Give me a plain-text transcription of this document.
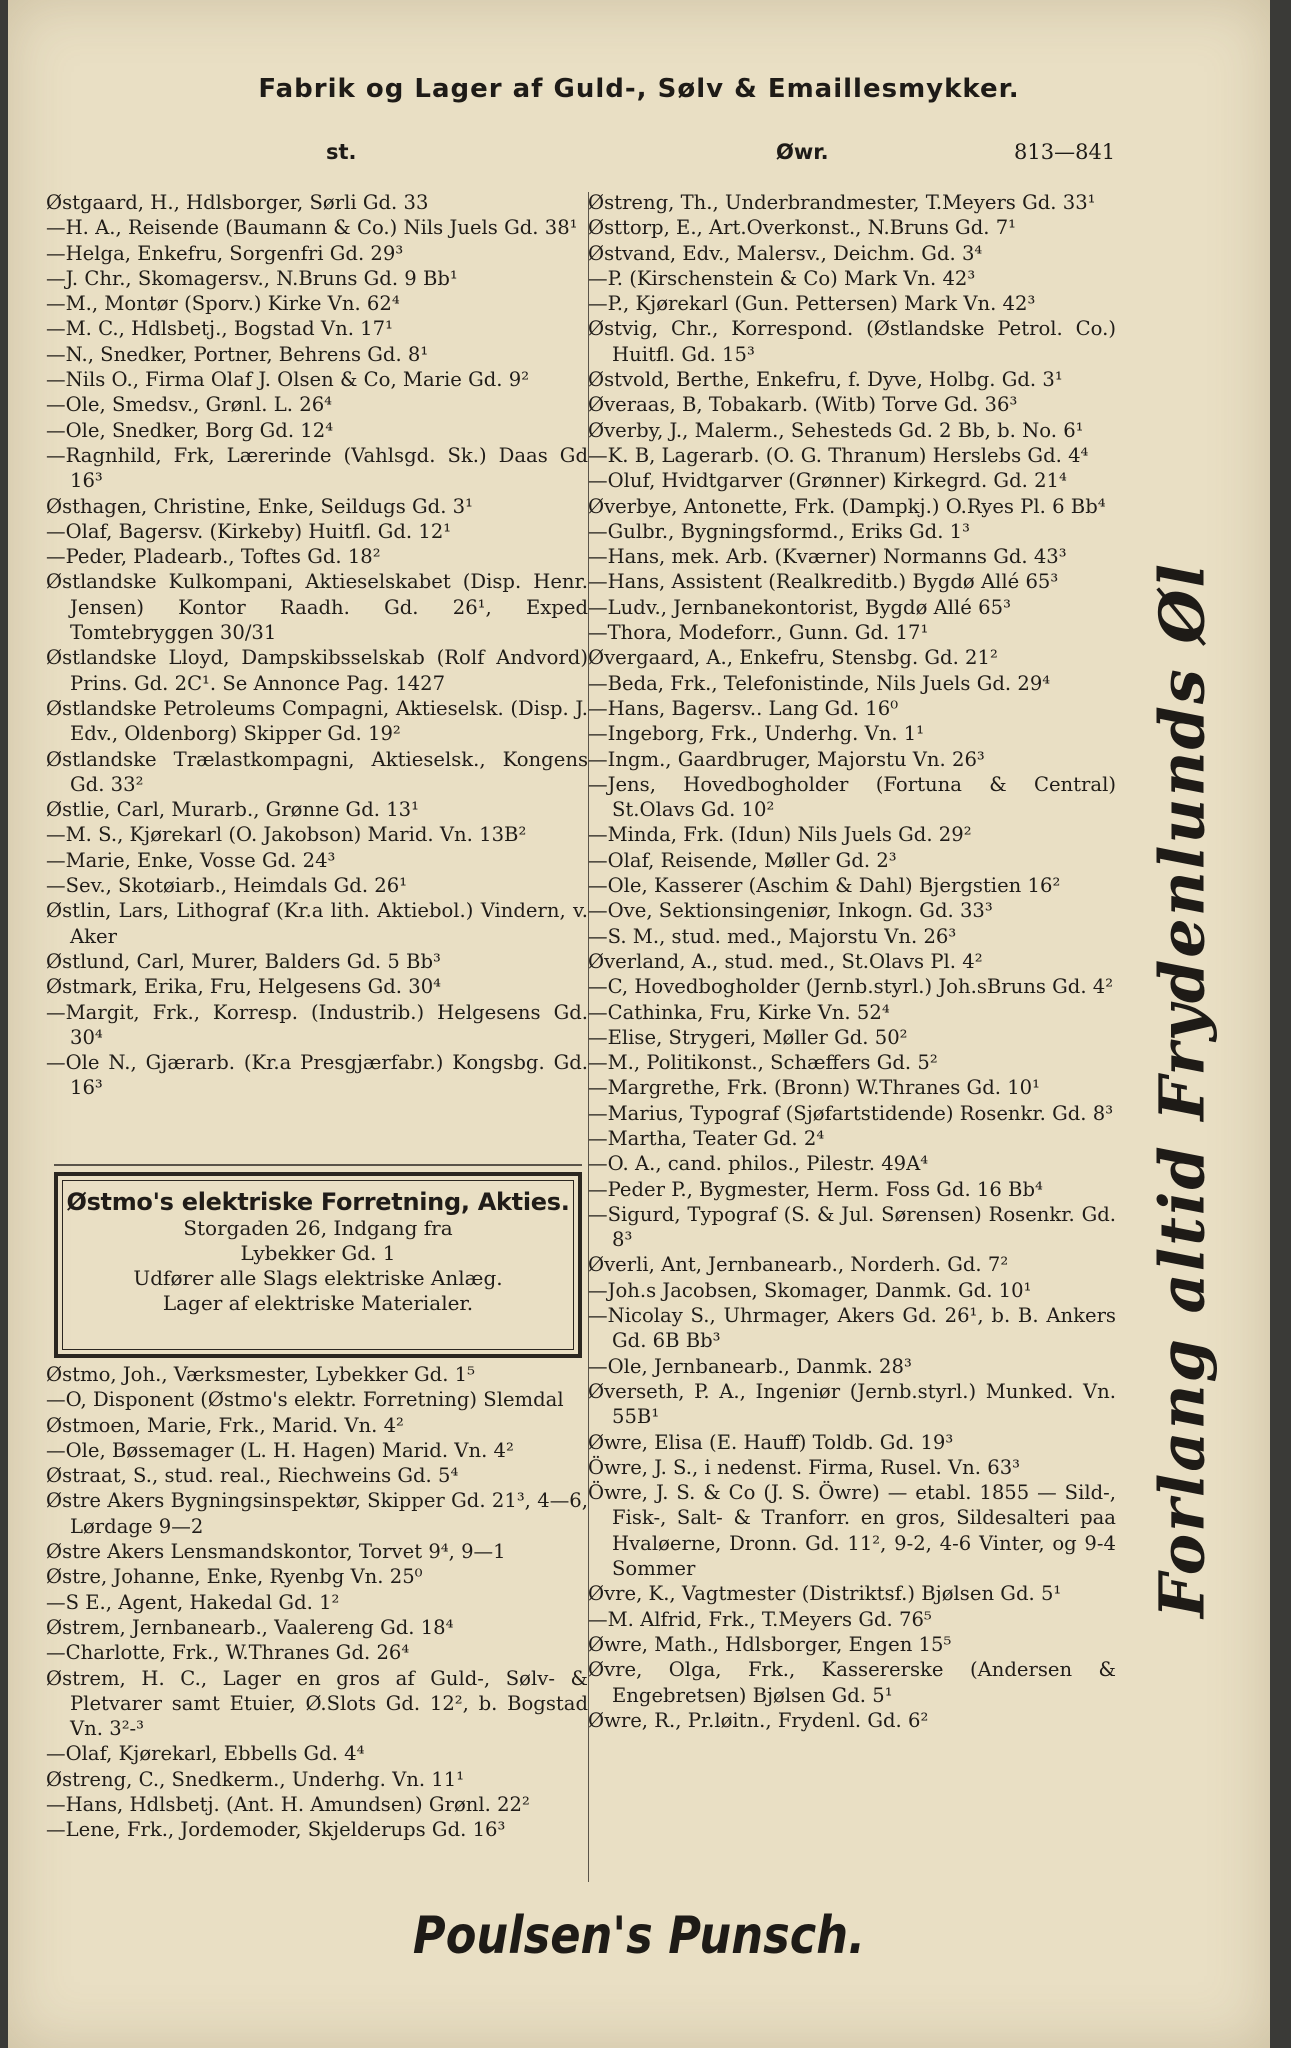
Fabrik og Lager af Guld-, Sølv & Emaillesmykker.
st.	Øwr.	813—841
Østgaard, H., Hdlsborger, Sørli Gd. 33
—H. A., Reisende (Baumann & Co.) Nils Juels Gd. 38¹
—Helga, Enkefru, Sorgenfri Gd. 29³
—J. Chr., Skomagersv., N.Bruns Gd. 9 Bb¹
—M., Montør (Sporv.) Kirke Vn. 62⁴
—M. C., Hdlsbetj., Bogstad Vn. 17¹
—N., Snedker, Portner, Behrens Gd. 8¹
—Nils O., Firma Olaf J. Olsen & Co, Marie Gd. 9²
—Ole, Smedsv., Grønl. L. 26⁴
—Ole, Snedker, Borg Gd. 12⁴
—Ragnhild, Frk, Lærerinde (Vahlsgd. Sk.) Daas Gd 16³
Østhagen, Christine, Enke, Seildugs Gd. 3¹
—Olaf, Bagersv. (Kirkeby) Huitfl. Gd. 12¹
—Peder, Pladearb., Toftes Gd. 18²
Østlandske Kulkompani, Aktieselskabet (Disp. Henr. Jensen) Kontor Raadh. Gd. 26¹, Exped Tomtebryggen 30/31
Østlandske Lloyd, Dampskibsselskab (Rolf Andvord) Prins. Gd. 2C¹. Se Annonce Pag. 1427
Østlandske Petroleums Compagni, Aktieselsk. (Disp. J. Edv., Oldenborg) Skipper Gd. 19²
Østlandske Trælastkompagni, Aktieselsk., Kongens Gd. 33²
Østlie, Carl, Murarb., Grønne Gd. 13¹
—M. S., Kjørekarl (O. Jakobson) Marid. Vn. 13B²
—Marie, Enke, Vosse Gd. 24³
—Sev., Skotøiarb., Heimdals Gd. 26¹
Østlin, Lars, Lithograf (Kr.a lith. Aktiebol.) Vindern, v. Aker
Østlund, Carl, Murer, Balders Gd. 5 Bb³
Østmark, Erika, Fru, Helgesens Gd. 30⁴
—Margit, Frk., Korresp. (Industrib.) Helgesens Gd. 30⁴
—Ole N., Gjærarb. (Kr.a Presgjærfabr.) Kongsbg. Gd. 16³
Østmo's elektriske Forretning, Akties.
Storgaden 26, Indgang fra
Lybekker Gd. 1
Udfører alle Slags elektriske Anlæg.
Lager af elektriske Materialer.
Østmo, Joh., Værksmester, Lybekker Gd. 1⁵
—O, Disponent (Østmo's elektr. Forretning) Slemdal
Østmoen, Marie, Frk., Marid. Vn. 4²
—Ole, Bøssemager (L. H. Hagen) Marid. Vn. 4²
Østraat, S., stud. real., Riechweins Gd. 5⁴
Østre Akers Bygningsinspektør, Skipper Gd. 21³, 4—6, Lørdage 9—2
Østre Akers Lensmandskontor, Torvet 9⁴, 9—1
Østre, Johanne, Enke, Ryenbg Vn. 25⁰
—S E., Agent, Hakedal Gd. 1²
Østrem, Jernbanearb., Vaalereng Gd. 18⁴
—Charlotte, Frk., W.Thranes Gd. 26⁴
Østrem, H. C., Lager en gros af Guld-, Sølv- & Pletvarer samt Etuier, Ø.Slots Gd. 12², b. Bogstad Vn. 3²-³
—Olaf, Kjørekarl, Ebbells Gd. 4⁴
Østreng, C., Snedkerm., Underhg. Vn. 11¹
—Hans, Hdlsbetj. (Ant. H. Amundsen) Grønl. 22²
—Lene, Frk., Jordemoder, Skjelderups Gd. 16³
Østreng, Th., Underbrandmester, T.Meyers Gd. 33¹
Østtorp, E., Art.Overkonst., N.Bruns Gd. 7¹
Østvand, Edv., Malersv., Deichm. Gd. 3⁴
—P. (Kirschenstein & Co) Mark Vn. 42³
—P., Kjørekarl (Gun. Pettersen) Mark Vn. 42³
Østvig, Chr., Korrespond. (Østlandske Petrol. Co.) Huitfl. Gd. 15³
Østvold, Berthe, Enkefru, f. Dyve, Holbg. Gd. 3¹
Øveraas, B, Tobakarb. (Witb) Torve Gd. 36³
Øverby, J., Malerm., Sehesteds Gd. 2 Bb, b. No. 6¹
—K. B, Lagerarb. (O. G. Thranum) Herslebs Gd. 4⁴
—Oluf, Hvidtgarver (Grønner) Kirkegrd. Gd. 21⁴
Øverbye, Antonette, Frk. (Dampkj.) O.Ryes Pl. 6 Bb⁴
—Gulbr., Bygningsformd., Eriks Gd. 1³
—Hans, mek. Arb. (Kværner) Normanns Gd. 43³
—Hans, Assistent (Realkreditb.) Bygdø Allé 65³
—Ludv., Jernbanekontorist, Bygdø Allé 65³
—Thora, Modeforr., Gunn. Gd. 17¹
Øvergaard, A., Enkefru, Stensbg. Gd. 21²
—Beda, Frk., Telefonistinde, Nils Juels Gd. 29⁴
—Hans, Bagersv.. Lang Gd. 16⁰
—Ingeborg, Frk., Underhg. Vn. 1¹
—Ingm., Gaardbruger, Majorstu Vn. 26³
—Jens, Hovedbogholder (Fortuna & Central) St.Olavs Gd. 10²
—Minda, Frk. (Idun) Nils Juels Gd. 29²
—Olaf, Reisende, Møller Gd. 2³
—Ole, Kasserer (Aschim & Dahl) Bjergstien 16²
—Ove, Sektionsingeniør, Inkogn. Gd. 33³
—S. M., stud. med., Majorstu Vn. 26³
Øverland, A., stud. med., St.Olavs Pl. 4²
—C, Hovedbogholder (Jernb.styrl.) Joh.sBruns Gd. 4²
—Cathinka, Fru, Kirke Vn. 52⁴
—Elise, Strygeri, Møller Gd. 50²
—M., Politikonst., Schæffers Gd. 5²
—Margrethe, Frk. (Bronn) W.Thranes Gd. 10¹
—Marius, Typograf (Sjøfartstidende) Rosenkr. Gd. 8³
—Martha, Teater Gd. 2⁴
—O. A., cand. philos., Pilestr. 49A⁴
—Peder P., Bygmester, Herm. Foss Gd. 16 Bb⁴
—Sigurd, Typograf (S. & Jul. Sørensen) Rosenkr. Gd. 8³
Øverli, Ant, Jernbanearb., Norderh. Gd. 7²
—Joh.s Jacobsen, Skomager, Danmk. Gd. 10¹
—Nicolay S., Uhrmager, Akers Gd. 26¹, b. B. Ankers Gd. 6B Bb³
—Ole, Jernbanearb., Danmk. 28³
Øverseth, P. A., Ingeniør (Jernb.styrl.) Munked. Vn. 55B¹
Øwre, Elisa (E. Hauff) Toldb. Gd. 19³
Öwre, J. S., i nedenst. Firma, Rusel. Vn. 63³
Öwre, J. S. & Co (J. S. Öwre) — etabl. 1855 — Sild-, Fisk-, Salt- & Tranforr. en gros, Sildesalteri paa Hvaløerne, Dronn. Gd. 11², 9-2, 4-6 Vinter, og 9-4 Sommer
Øvre, K., Vagtmester (Distriktsf.) Bjølsen Gd. 5¹
—M. Alfrid, Frk., T.Meyers Gd. 76⁵
Øwre, Math., Hdlsborger, Engen 15⁵
Øvre, Olga, Frk., Kassererske (Andersen & Engebretsen) Bjølsen Gd. 5¹
Øwre, R., Pr.løitn., Frydenl. Gd. 6²
Forlang altid Frydenlunds Øl
Poulsen's Punsch.
